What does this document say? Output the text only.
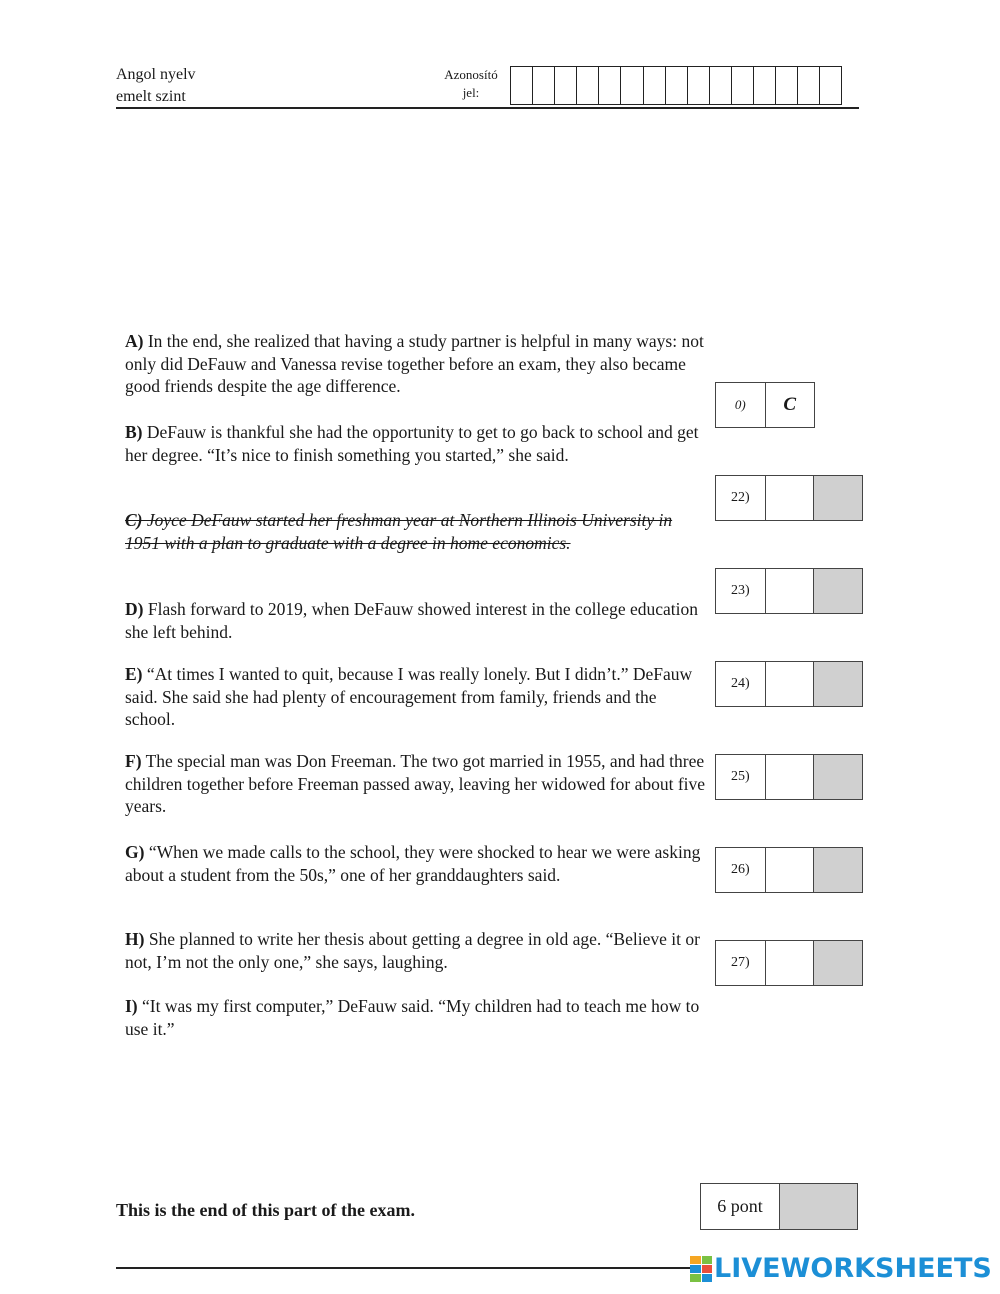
Angol nyelv
emelt szint
Azonosító
jel:
A) In the end, she realized that having a study partner is helpful in many ways: not only did DeFauw and Vanessa revise together before an exam, they also became good friends despite the age difference.
B) DeFauw is thankful she had the opportunity to get to go back to school and get her degree. “It’s nice to finish something you started,” she said.
C) Joyce DeFauw started her freshman year at Northern Illinois University in 1951 with a plan to graduate with a degree in home economics.
D) Flash forward to 2019, when DeFauw showed interest in the college education she left behind.
E) “At times I wanted to quit, because I was really lonely. But I didn’t.” DeFauw said. She said she had plenty of encouragement from family, friends and the school.
F) The special man was Don Freeman. The two got married in 1955, and had three children together before Freeman passed away, leaving her widowed for about five years.
G) “When we made calls to the school, they were shocked to hear we were asking about a student from the 50s,” one of her granddaughters said.
H) She planned to write her thesis about getting a degree in old age. “Believe it or not, I’m not the only one,” she says, laughing.
I) “It was my first computer,” DeFauw said. “My children had to teach me how to use it.”
0)	C
22)
23)
24)
25)
26)
27)
This is the end of this part of the exam.	6 pont
LIVEWORKSHEETS
